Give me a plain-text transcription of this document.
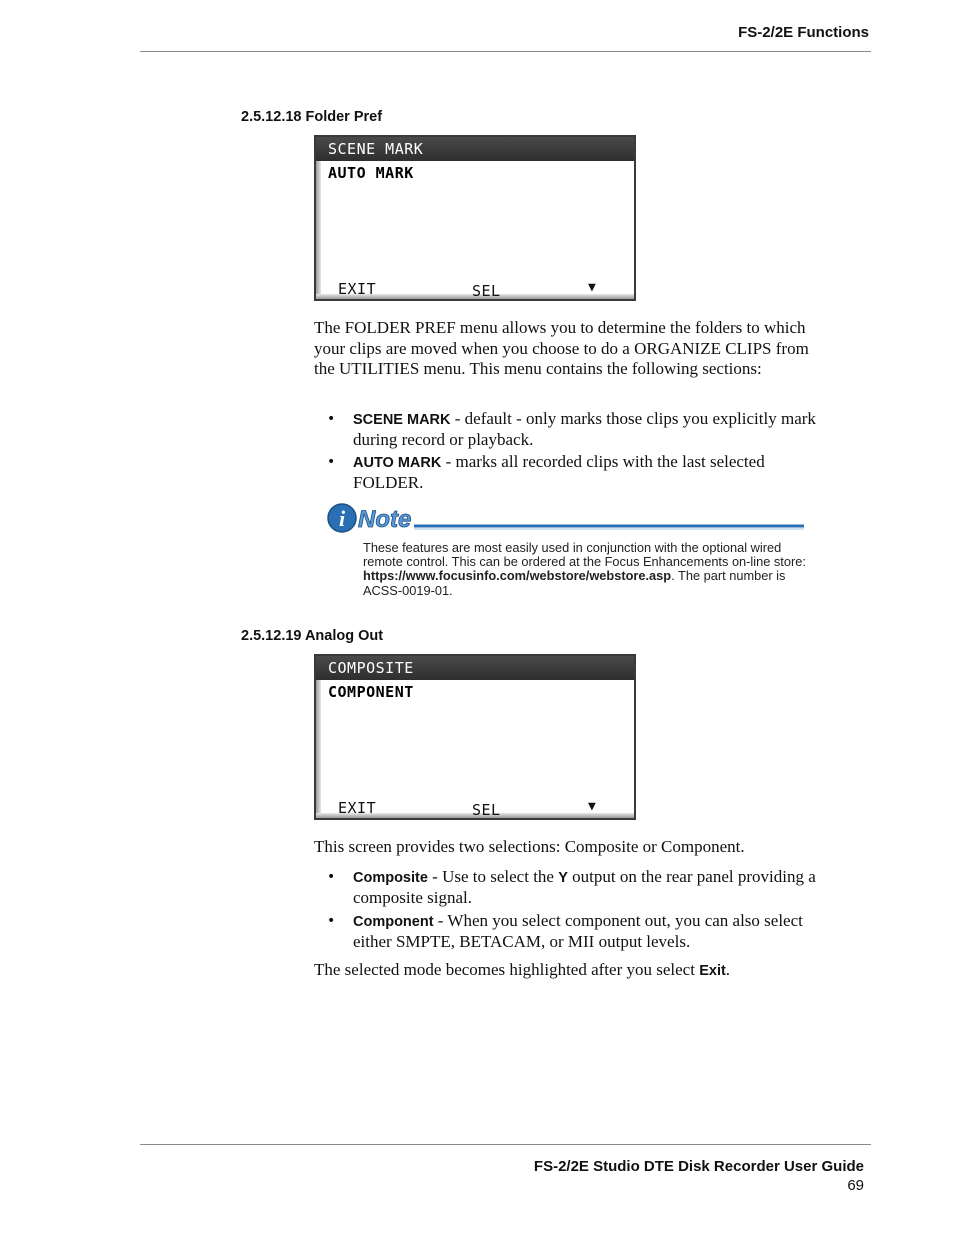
FS-2/2E Functions
2.5.12.18 Folder Pref
SCENE MARK
AUTO MARK
EXIT	SEL	▼
The FOLDER PREF menu allows you to determine the folders to which your clips are moved when you choose to do a ORGANIZE CLIPS from the UTILITIES menu. This menu contains the following sections:
• SCENE MARK - default - only marks those clips you explicitly mark during record or playback.
• AUTO MARK - marks all recorded clips with the last selected FOLDER.
i Note
These features are most easily used in conjunction with the optional wired remote control. This can be ordered at the Focus Enhancements on-line store: https://www.focusinfo.com/webstore/webstore.asp. The part number is ACSS-0019-01.
2.5.12.19 Analog Out
COMPOSITE
COMPONENT
EXIT	SEL	▼
This screen provides two selections: Composite or Component.
• Composite - Use to select the Y output on the rear panel providing a composite signal.
• Component - When you select component out, you can also select either SMPTE, BETACAM, or MII output levels.
The selected mode becomes highlighted after you select Exit.
FS-2/2E Studio DTE Disk Recorder User Guide
69
